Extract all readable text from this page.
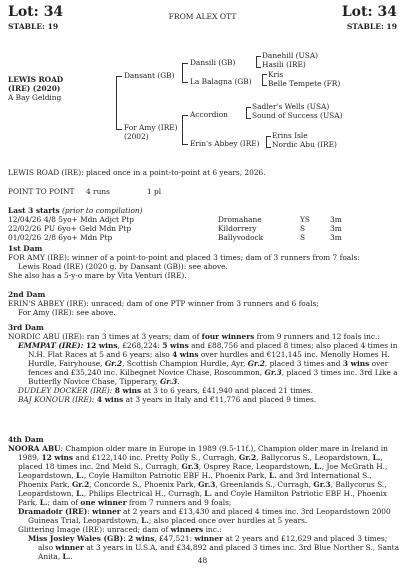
Lot: 34	Lot: 34
FROM ALEX OTT
STABLE: 19	STABLE: 19
LEWIS ROAD
(IRE) (2020)
A Bay Gelding
Dansant (GB)
For Amy (IRE)
(2002)
Dansili (GB)
La Balagna (GB)
Accordion
Erin's Abbey (IRE)
Danehill (USA)
Hasili (IRE)
Kris
Belle Tempete (FR)
Sadler's Wells (USA)
Sound of Success (USA)
Erins Isle
Nordic Abu (IRE)
LEWIS ROAD (IRE): placed once in a point-to-point at 6 years, 2026.
POINT TO POINT 4 runs	1 pl
Last 3 starts (prior to compilation)
12/04/26	4/8 5yo+ Mdn Adjct Ptp	Dromahane	YS	3m
22/02/26	PU 6yo+ Geld Mdn Ptp	Kildorrery	S	3m
01/02/26	2/8 6yo+ Mdn Ptp	Ballyvodock	S	3m
1st Dam
FOR AMY (IRE): winner of a point-to-point and placed 3 times; dam of 3 runners from 7 foals:
Lewis Road (IRE) (2020 g. by Dansant (GB)): see above.
She also has a 5-y-o mare by Vita Venturi (IRE).
2nd Dam
ERIN'S ABBEY (IRE): unraced; dam of one PTP winner from 3 runners and 6 foals;
For Amy (IRE): see above.
3rd Dam
NORDIC ABU (IRE): ran 3 times at 3 years; dam of four winners from 9 runners and 12 foals inc.:
EMMPAT (IRE): 12 wins, £268,224: 5 wins and £88,756 and placed 8 times; also placed 4 times in N.H. Flat Races at 5 and 6 years; also 4 wins over hurdles and €121,145 inc. Menolly Homes H. Hurdle, Fairyhouse, Gr.2, Scottish Champion Hurdle, Ayr, Gr.2, placed 3 times and 3 wins over fences and £35,240 inc. Kilbegnet Novice Chase, Roscommon, Gr.3, placed 3 times inc. 3rd Like a Butterfly Novice Chase, Tipperary, Gr.3.
DUDLEY DOCKER (IRE): 8 wins at 3 to 6 years, £41,940 and placed 21 times.
BAJ KONOUR (IRE): 4 wins at 3 years in Italy and €11,776 and placed 9 times.
4th Dam
NOORA ABU: Champion older mare in Europe in 1989 (9.5-11f.), Champion older mare in Ireland in 1989, 12 wins and £122,140 inc. Pretty Polly S., Curragh, Gr.2, Ballycorus S., Leopardstown, L., placed 18 times inc. 2nd Meld S., Curragh, Gr.3, Osprey Race, Leopardstown, L., Joe McGrath H., Leopardstown, L., Coyle Hamilton Patriotic EBF H., Phoenix Park, L. and 3rd International S., Phoenix Park, Gr.2, Concorde S., Phoenix Park, Gr.3, Greenlands S., Curragh, Gr.3, Ballycorus S., Leopardstown, L., Philips Electrical H., Curragh, L. and Coyle Hamilton Patriotic EBF H., Phoenix Park, L.; dam of one winner from 7 runners and 9 foals;
Dramadoir (IRE): winner at 2 years and £13,430 and placed 4 times inc. 3rd Leopardstown 2000 Guineas Trial, Leopardstown, L.; also placed once over hurdles at 5 years.
Glittering Image (IRE): unraced; dam of winners inc.:
Miss Josiey Wales (GB): 2 wins, £47,521: winner at 2 years and £12,629 and placed 3 times; also winner at 3 years in U.S.A. and £34,892 and placed 3 times inc. 3rd Blue Norther S., Santa Anita, L..	48
